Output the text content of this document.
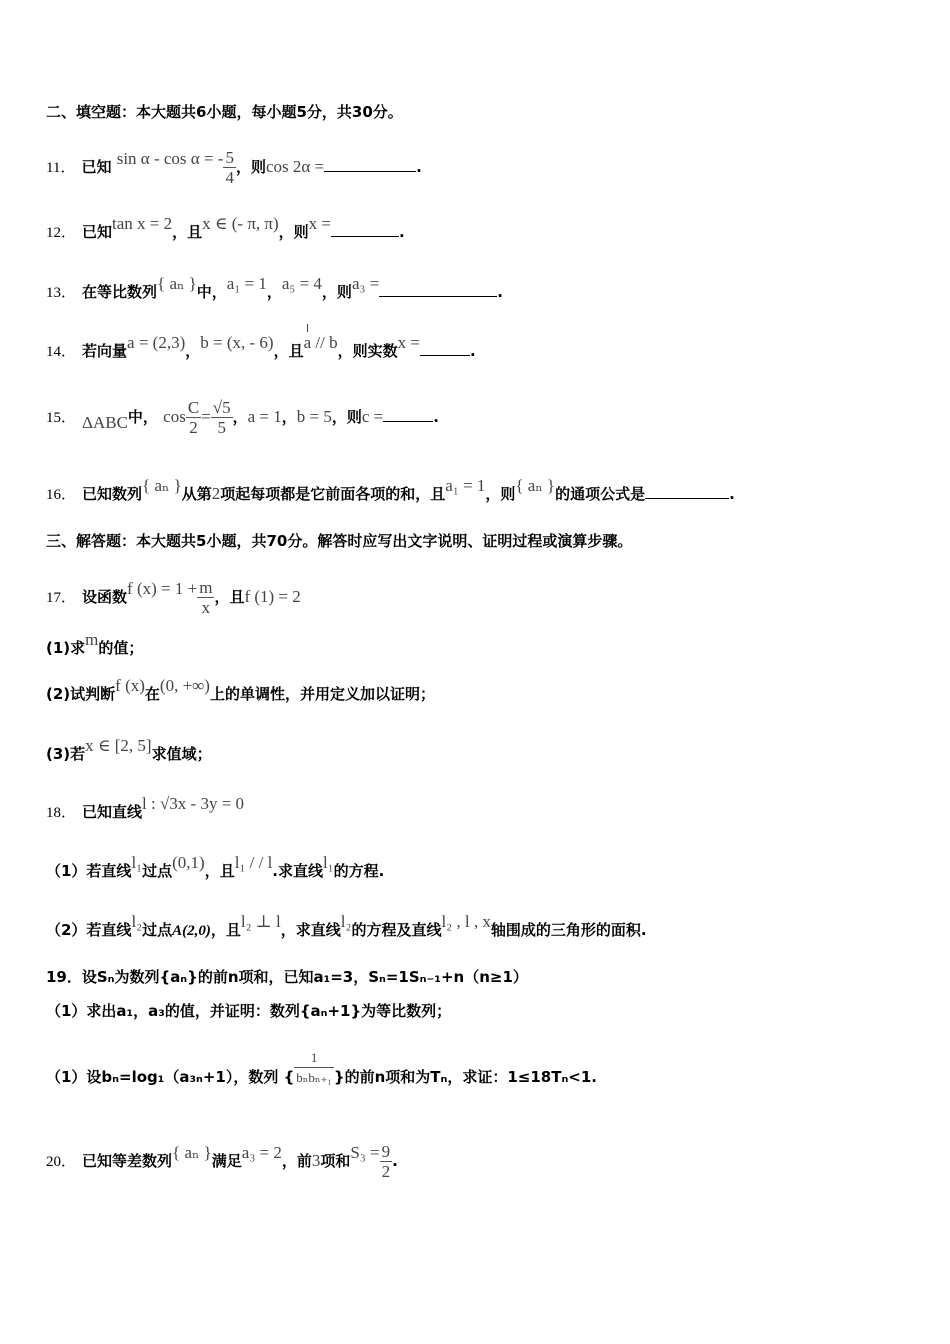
二、填空题：本大题共6小题，每小题5分，共30分。
11． 已知 sin α - cos α = - $\frac{5}{4}$ ，则cos 2α =	.
12． 已知tan x = 2，且x ∈ (- π, π)，则x =	.
13． 在等比数列{ aₙ }中，a₁ = 1，a₅ = 4，则a₃ =	.
14． 若向量a = (2,3)，b = (x, - 6)，且a // b，则实数x =	.
15． ΔABC中， $\cos \frac{C}{2} = \frac{√5}{5}$ ，a = 1，b = 5，则c =	.
16． 已知数列{ aₙ }从第2项起每项都是它前面各项的和，且a₁ = 1，则{ aₙ }的通项公式是	.
三、解答题：本大题共5小题，共70分。解答时应写出文字说明、证明过程或演算步骤。
17． 设函数f $(x) = 1 + \frac{m}{x}$ ，且f (1) = 2
(1)求m的值；
(2)试判断f (x)在(0, +∞)上的单调性，并用定义加以证明；
(3)若x ∈ [2, 5]求值域；
18． 已知直线l : √3x - 3y = 0
（1）若直线l₁过点(0,1)，且l₁ / / l.求直线l₁的方程.
（2）若直线l₂过点A(2,0)，且l₂ ⊥ l，求直线l₂的方程及直线l₂ , l , x轴围成的三角形的面积.
19．设Sₙ为数列{aₙ}的前n项和，已知a₁=3，Sₙ=1Sₙ₋₁+n（n≥1）
（1）求出a₁，a₃的值，并证明：数列{aₙ+1}为等比数列；
（1）设bₙ=log₁（a₃ₙ+1），数列 { $\frac{1}{\text{bₙbₙ₊₁}}$ }的前n项和为Tₙ，求证：1≤18Tₙ<1.
20． 已知等差数列{ aₙ }满足a₃ = 2，前3项和$S_3 = \frac{9}{2}$ .
